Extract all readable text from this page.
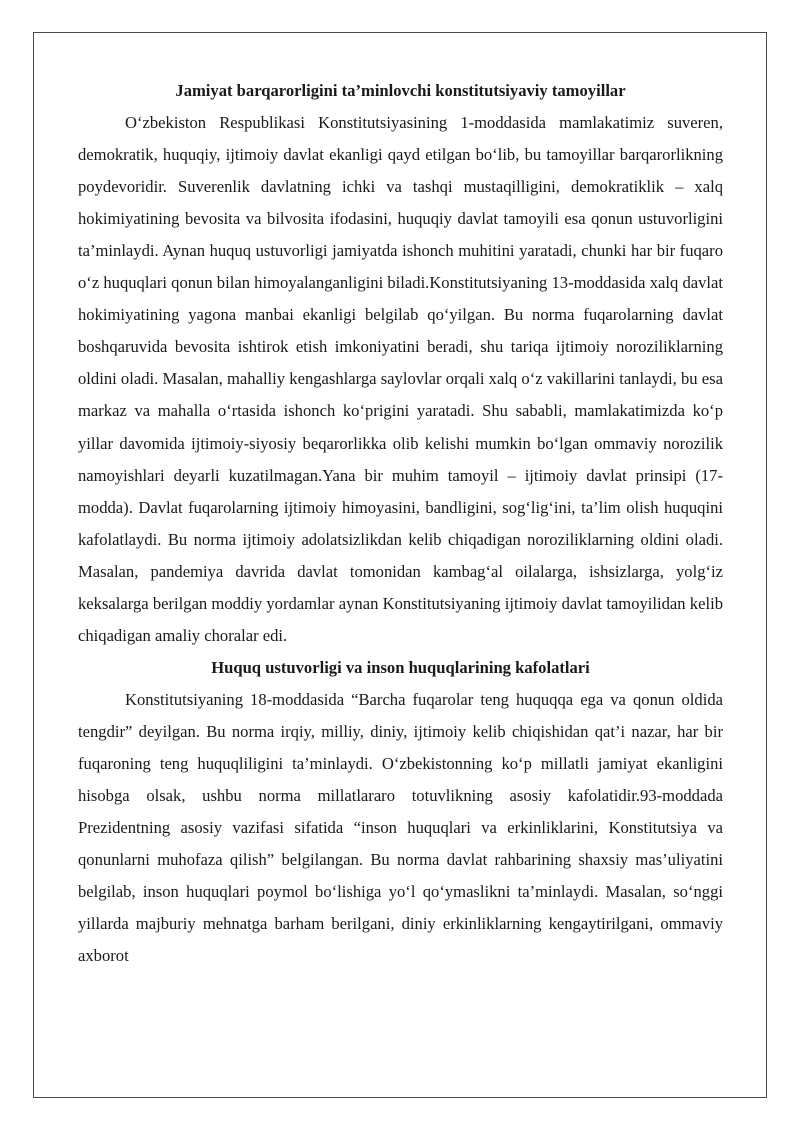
Jamiyat barqarorligini ta’minlovchi konstitutsiyaviy tamoyillar

O‘zbekiston Respublikasi Konstitutsiyasining 1-moddasida mamlakatimiz suveren, demokratik, huquqiy, ijtimoiy davlat ekanligi qayd etilgan bo‘lib, bu tamoyillar barqarorlikning poydevoridir. Suverenlik davlatning ichki va tashqi mustaqilligini, demokratiklik – xalq hokimiyatining bevosita va bilvosita ifodasini, huquqiy davlat tamoyili esa qonun ustuvorligini ta’minlaydi. Aynan huquq ustuvorligi jamiyatda ishonch muhitini yaratadi, chunki har bir fuqaro o‘z huquqlari qonun bilan himoyalanganligini biladi.Konstitutsiyaning 13-moddasida xalq davlat hokimiyatining yagona manbai ekanligi belgilab qo‘yilgan. Bu norma fuqarolarning davlat boshqaruvida bevosita ishtirok etish imkoniyatini beradi, shu tariqa ijtimoiy noroziliklarning oldini oladi. Masalan, mahalliy kengashlarga saylovlar orqali xalq o‘z vakillarini tanlaydi, bu esa markaz va mahalla o‘rtasida ishonch ko‘prigini yaratadi. Shu sababli, mamlakatimizda ko‘p yillar davomida ijtimoiy-siyosiy beqarorlikka olib kelishi mumkin bo‘lgan ommaviy norozilik namoyishlari deyarli kuzatilmagan.Yana bir muhim tamoyil – ijtimoiy davlat prinsipi (17-modda). Davlat fuqarolarning ijtimoiy himoyasini, bandligini, sog‘lig‘ini, ta’lim olish huquqini kafolatlaydi. Bu norma ijtimoiy adolatsizlikdan kelib chiqadigan noroziliklarning oldini oladi. Masalan, pandemiya davrida davlat tomonidan kambag‘al oilalarga, ishsizlarga, yolg‘iz keksalarga berilgan moddiy yordamlar aynan Konstitutsiyaning ijtimoiy davlat tamoyilidan kelib chiqadigan amaliy choralar edi.

Huquq ustuvorligi va inson huquqlarining kafolatlari

Konstitutsiyaning 18-moddasida “Barcha fuqarolar teng huquqqa ega va qonun oldida tengdir” deyilgan. Bu norma irqiy, milliy, diniy, ijtimoiy kelib chiqishidan qat’i nazar, har bir fuqaroning teng huquqliligini ta’minlaydi. O‘zbekistonning ko‘p millatli jamiyat ekanligini hisobga olsak, ushbu norma millatlararo totuvlikning asosiy kafolatidir.93-moddada Prezidentning asosiy vazifasi sifatida “inson huquqlari va erkinliklarini, Konstitutsiya va qonunlarni muhofaza qilish” belgilangan. Bu norma davlat rahbarining shaxsiy mas’uliyatini belgilab, inson huquqlari poymol bo‘lishiga yo‘l qo‘ymaslikni ta’minlaydi. Masalan, so‘nggi yillarda majburiy mehnatga barham berilgani, diniy erkinliklarning kengaytirilgani, ommaviy axborot
